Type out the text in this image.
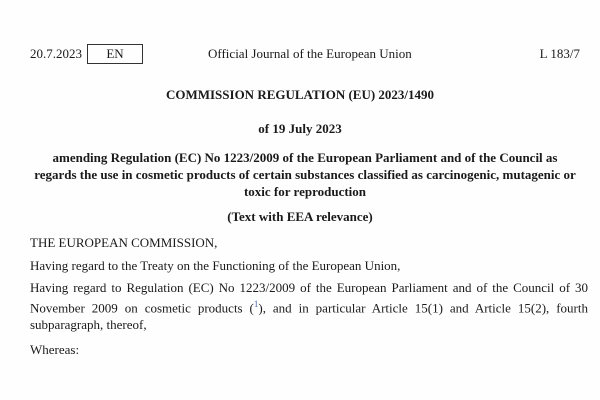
20.7.2023	EN	Official Journal of the European Union	L 183/7
COMMISSION REGULATION (EU) 2023/1490
of 19 July 2023
amending Regulation (EC) No 1223/2009 of the European Parliament and of the Council as regards the use in cosmetic products of certain substances classified as carcinogenic, mutagenic or toxic for reproduction
(Text with EEA relevance)
THE EUROPEAN COMMISSION,
Having regard to the Treaty on the Functioning of the European Union,
Having regard to Regulation (EC) No 1223/2009 of the European Parliament and of the Council of 30 November 2009 on cosmetic products ($^1$), and in particular Article 15(1) and Article 15(2), fourth subparagraph, thereof,
Whereas:
